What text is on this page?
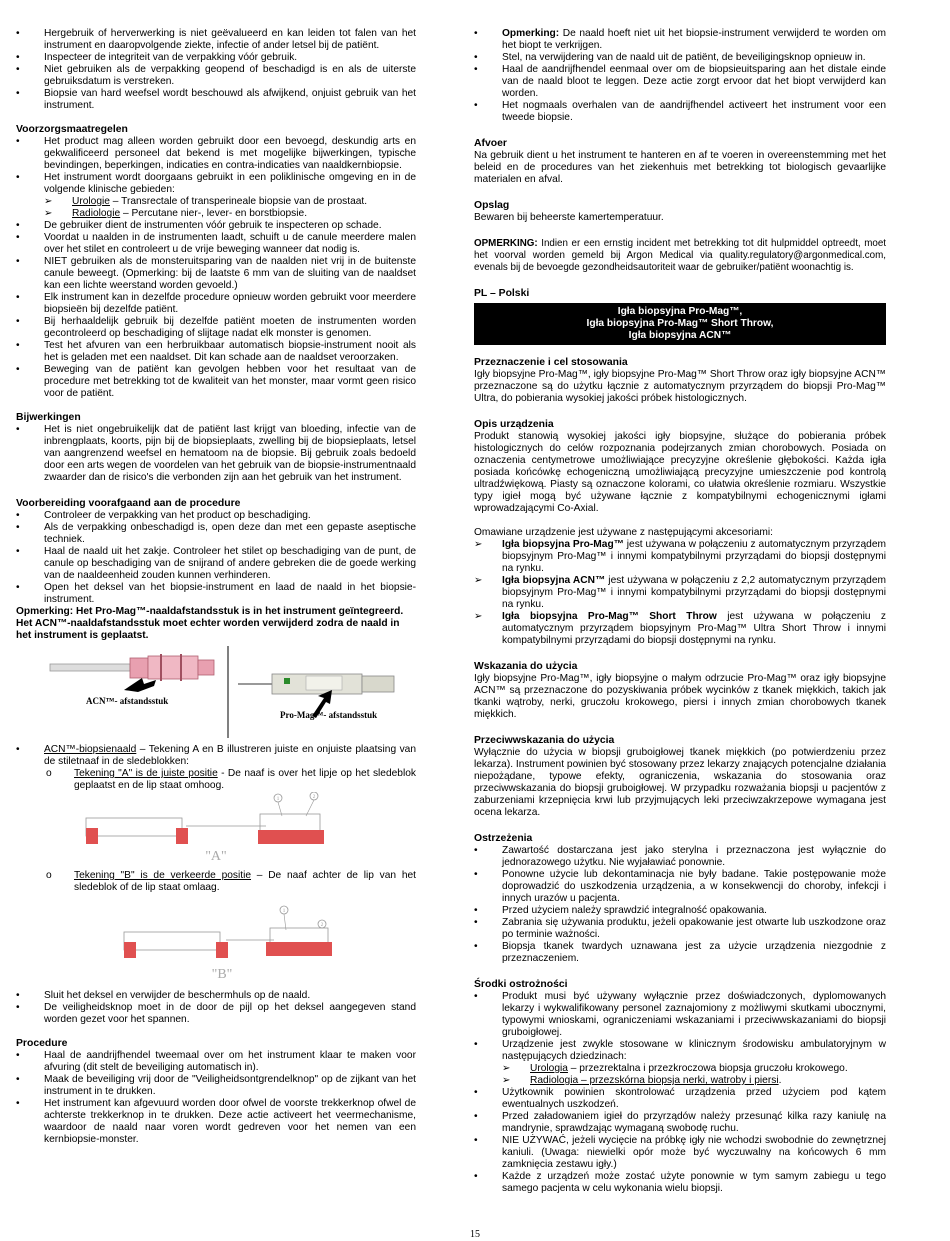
• Hergebruik of herverwerking is niet geëvalueerd en kan leiden tot falen van het instrument en daaropvolgende ziekte, infectie of ander letsel bij de patiënt.
• Inspecteer de integriteit van de verpakking vóór gebruik.
• Niet gebruiken als de verpakking geopend of beschadigd is en als de uiterste gebruiksdatum is verstreken.
• Biopsie van hard weefsel wordt beschouwd als afwijkend, onjuist gebruik van het instrument.
Voorzorgsmaatregelen
• Het product mag alleen worden gebruikt door een bevoegd, deskundig arts en gekwalificeerd personeel dat bekend is met mogelijke bijwerkingen, typische bevindingen, beperkingen, indicaties en contra-indicaties van naaldkernbiopsie.
• Het instrument wordt doorgaans gebruikt in een poliklinische omgeving en in de volgende klinische gebieden:
➢ Urologie – Transrectale of transperineale biopsie van de prostaat.
➢ Radiologie – Percutane nier-, lever- en borstbiopsie.
• De gebruiker dient de instrumenten vóór gebruik te inspecteren op schade.
• Voordat u naalden in de instrumenten laadt, schuift u de canule meerdere malen over het stilet en controleert u de vrije beweging wanneer dat nodig is.
• NIET gebruiken als de monsteruitsparing van de naalden niet vrij in de buitenste canule beweegt. (Opmerking: bij de laatste 6 mm van de sluiting van de naaldset kan een lichte weerstand worden gevoeld.)
• Elk instrument kan in dezelfde procedure opnieuw worden gebruikt voor meerdere biopsieën bij dezelfde patiënt.
• Bij herhaaldelijk gebruik bij dezelfde patiënt moeten de instrumenten worden gecontroleerd op beschadiging of slijtage nadat elk monster is genomen.
• Test het afvuren van een herbruikbaar automatisch biopsie-instrument nooit als het is geladen met een naaldset. Dit kan schade aan de naaldset veroorzaken.
• Beweging van de patiënt kan gevolgen hebben voor het resultaat van de procedure met betrekking tot de kwaliteit van het monster, maar vormt geen risico voor de patiënt.
Bijwerkingen
• Het is niet ongebruikelijk dat de patiënt last krijgt van bloeding, infectie van de inbrengplaats, koorts, pijn bij de biopsieplaats, zwelling bij de biopsieplaats, letsel van aangrenzend weefsel en hematoom na de biopsie. Bij gebruik zoals bedoeld door een arts wegen de voordelen van het gebruik van de biopsie-instrumentnaald zwaarder dan de risico's die verbonden zijn aan het gebruik van het instrument.
Voorbereiding voorafgaand aan de procedure
• Controleer de verpakking van het product op beschadiging.
• Als de verpakking onbeschadigd is, open deze dan met een gepaste aseptische techniek.
• Haal de naald uit het zakje. Controleer het stilet op beschadiging van de punt, de canule op beschadiging van de snijrand of andere gebreken die de goede werking van de naaldeenheid zouden kunnen verhinderen.
• Open het deksel van het biopsie-instrument en laad de naald in het biopsie-instrument.

Opmerking: Het Pro-Mag™-naaldafstandsstuk is in het instrument geïntegreerd. Het ACN™-naaldafstandsstuk moet echter worden verwijderd zodra de naald in het instrument is geplaatst.

ACN™- afstandsstuk
Pro-Mag™- afstandsstuk
• ACN™-biopsienaald – Tekening A en B illustreren juiste en onjuiste plaatsing van de stiletnaaf in de sledeblokken:
o Tekening "A" is de juiste positie - De naaf is over het lipje op het sledeblok geplaatst en de lip staat omhoog.
1	2
"A"
o Tekening "B" is de verkeerde positie – De naaf achter de lip van het sledeblok of de lip staat omlaag.
1
2
"B"
• Sluit het deksel en verwijder de beschermhuls op de naald.
• De veiligheidsknop moet in de door de pijl op het deksel aangegeven stand worden gezet voor het spannen.
Procedure
• Haal de aandrijfhendel tweemaal over om het instrument klaar te maken voor afvuring (dit stelt de beveiliging automatisch in).
• Maak de beveiliging vrij door de "Veiligheidsontgrendelknop" op de zijkant van het instrument in te drukken.
• Het instrument kan afgevuurd worden door ofwel de voorste trekkerknop ofwel de achterste trekkerknop in te drukken. Deze actie activeert het veermechanisme, waardoor de naald naar voren wordt gedreven voor het nemen van een kernbiopsie-monster.
• Opmerking: De naald hoeft niet uit het biopsie-instrument verwijderd te worden om het biopt te verkrijgen.
• Stel, na verwijdering van de naald uit de patiënt, de beveiligingsknop opnieuw in.
• Haal de aandrijfhendel eenmaal over om de biopsieuitsparing aan het distale einde van de naald bloot te leggen. Deze actie zorgt ervoor dat het biopt verwijderd kan worden.
• Het nogmaals overhalen van de aandrijfhendel activeert het instrument voor een tweede biopsie.
Afvoer

Na gebruik dient u het instrument te hanteren en af te voeren in overeenstemming met het beleid en de procedures van het ziekenhuis met betrekking tot biologisch gevaarlijke materialen en afval.

Opslag

Bewaren bij beheerste kamertemperatuur.

OPMERKING: Indien er een ernstig incident met betrekking tot dit hulpmiddel optreedt, moet het voorval worden gemeld bij Argon Medical via quality.regulatory@argonmedical.com, evenals bij de bevoegde gezondheidsautoriteit waar de gebruiker/patiënt woonachtig is.

PL – Polski
Igła biopsyjna Pro-Mag™,
Igła biopsyjna Pro-Mag™ Short Throw,
Igła biopsyjna ACN™
Przeznaczenie i cel stosowania

Igły biopsyjne Pro-Mag™, igły biopsyjne Pro-Mag™ Short Throw oraz igły biopsyjne ACN™ przeznaczone są do użytku łącznie z automatycznym przyrządem do biopsji Pro-Mag™ Ultra, do pobierania wysokiej jakości próbek histologicznych.

Opis urządzenia

Produkt stanowią wysokiej jakości igły biopsyjne, służące do pobierania próbek histologicznych do celów rozpoznania podejrzanych zmian chorobowych. Posiada on oznaczenia centymetrowe umożliwiające precyzyjne określenie głębokości. Każda igła posiada końcówkę echogeniczną umożliwiającą precyzyjne umieszczenie pod kontrolą ultradźwiękową. Piasty są oznaczone kolorami, co ułatwia określenie rozmiaru. Wszystkie typy igieł mogą być używane łącznie z kompatybilnymi echogenicznymi igłami wprowadzającymi Co-Axial.

Omawiane urządzenie jest używane z następującymi akcesoriami:

➢ Igła biopsyjna Pro-Mag™ jest używana w połączeniu z automatycznym przyrządem biopsyjnym Pro-Mag™ i innymi kompatybilnymi przyrządami do biopsji dostępnymi na rynku.
➢ Igła biopsyjna ACN™ jest używana w połączeniu z 2,2 automatycznym przyrządem biopsyjnym Pro-Mag™ i innymi kompatybilnymi przyrządami do biopsji dostępnymi na rynku.
➢ Igła biopsyjna Pro-Mag™ Short Throw jest używana w połączeniu z automatycznym przyrządem biopsyjnym Pro-Mag™ Ultra Short Throw i innymi kompatybilnymi przyrządami do biopsji dostępnymi na rynku.
Wskazania do użycia

Igły biopsyjne Pro-Mag™, igły biopsyjne o małym odrzucie Pro-Mag™ oraz igły biopsyjne ACN™ są przeznaczone do pozyskiwania próbek wycinków z tkanek miękkich, takich jak tkanki wątroby, nerki, gruczołu krokowego, piersi i innych zmian chorobowych tkanek miękkich.

Przeciwwskazania do użycia

Wyłącznie do użycia w biopsji gruboigłowej tkanek miękkich (po potwierdzeniu przez lekarza). Instrument powinien być stosowany przez lekarzy znających potencjalne działania niepożądane, typowe efekty, ograniczenia, wskazania do stosowania oraz przeciwwskazania do biopsji gruboigłowej. W przypadku rozważania biopsji u pacjentów z zaburzeniami krzepnięcia krwi lub przyjmujących leki przeciwzakrzepowe wymagana jest ocena lekarza.

Ostrzeżenia
• Zawartość dostarczana jest jako sterylna i przeznaczona jest wyłącznie do jednorazowego użytku. Nie wyjaławiać ponownie.
• Ponowne użycie lub dekontaminacja nie były badane. Takie postępowanie może doprowadzić do uszkodzenia urządzenia, a w konsekwencji do choroby, infekcji i innych urazów u pacjenta.
• Przed użyciem należy sprawdzić integralność opakowania.
• Zabrania się używania produktu, jeżeli opakowanie jest otwarte lub uszkodzone oraz po terminie ważności.
• Biopsja tkanek twardych uznawana jest za użycie urządzenia niezgodnie z przeznaczeniem.
Środki ostrożności
• Produkt musi być używany wyłącznie przez doświadczonych, dyplomowanych lekarzy i wykwalifikowany personel zaznajomiony z możliwymi skutkami ubocznymi, typowymi wnioskami, ograniczeniami wskazaniami i przeciwwskazaniami do biopsji gruboigłowej.
• Urządzenie jest zwykle stosowane w klinicznym środowisku ambulatoryjnym w następujących dziedzinach:
➢ Urologia – przezrektalna i przezkroczowa biopsja gruczołu krokowego.
➢ Radiologia – przezskórna biopsja nerki, watroby i piersi.
• Użytkownik powinien skontrolować urządzenia przed użyciem pod kątem ewentualnych uszkodzeń.
• Przed załadowaniem igieł do przyrządów należy przesunąć kilka razy kaniulę na mandrynie, sprawdzając wymaganą swobodę ruchu.
• NIE UŻYWAĆ, jeżeli wycięcie na próbkę igły nie wchodzi swobodnie do zewnętrznej kaniuli. (Uwaga: niewielki opór może być wyczuwalny na końcowych 6 mm zamknięcia zestawu igły.)
• Każde z urządzeń może zostać użyte ponownie w tym samym zabiegu u tego samego pacjenta w celu wykonania wielu biopsji.
15
